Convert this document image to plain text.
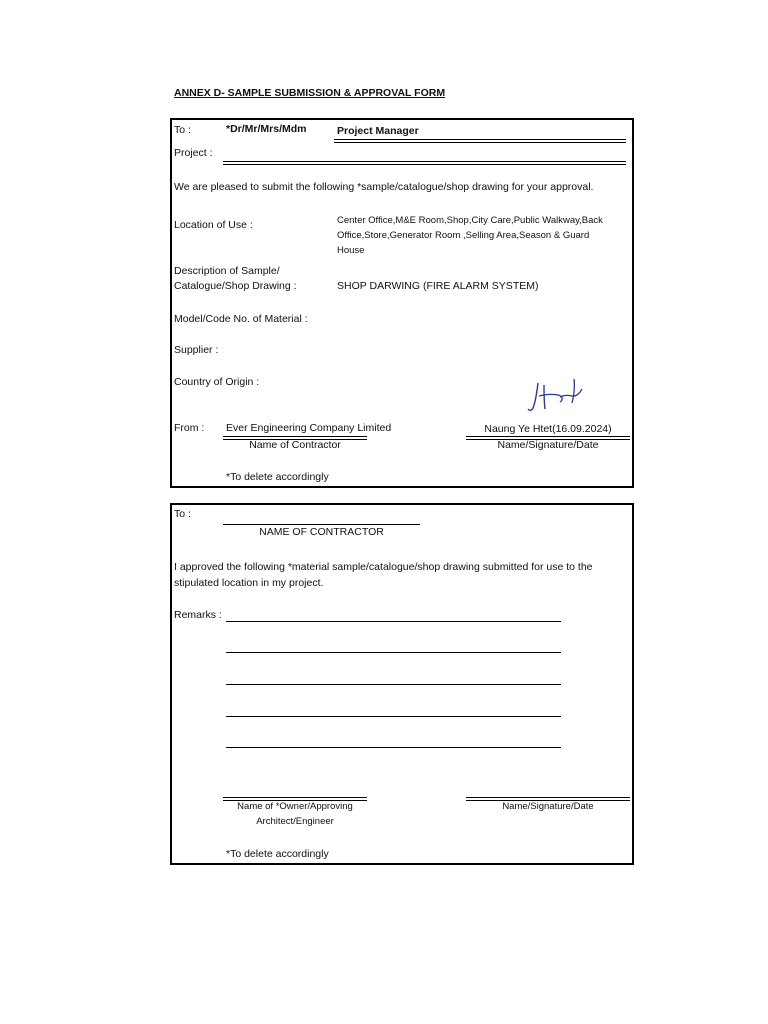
ANNEX D- SAMPLE SUBMISSION & APPROVAL FORM
To :	*Dr/Mr/Mrs/Mdm	Project Manager
Project :
We are pleased to submit the following *sample/catalogue/shop drawing for your approval.
Location of Use :	Center Office,M&E Room,Shop,City Care,Public Walkway,Back Office,Store,Generator Room ,Selling Area,Season & Guard House
Description of Sample/
Catalogue/Shop Drawing :	SHOP DARWING (FIRE ALARM SYSTEM)
Model/Code No. of Material :
Supplier :
Country of Origin :
From : Ever Engineering Company Limited
Name of Contractor
Naung Ye Htet(16.09.2024)
Name/Signature/Date
*To delete accordingly
To :
NAME OF CONTRACTOR
I approved the following *material sample/catalogue/shop drawing submitted for use to the stipulated location in my project.
Remarks :
Name of *Owner/Approving
Architect/Engineer
Name/Signature/Date
*To delete accordingly
